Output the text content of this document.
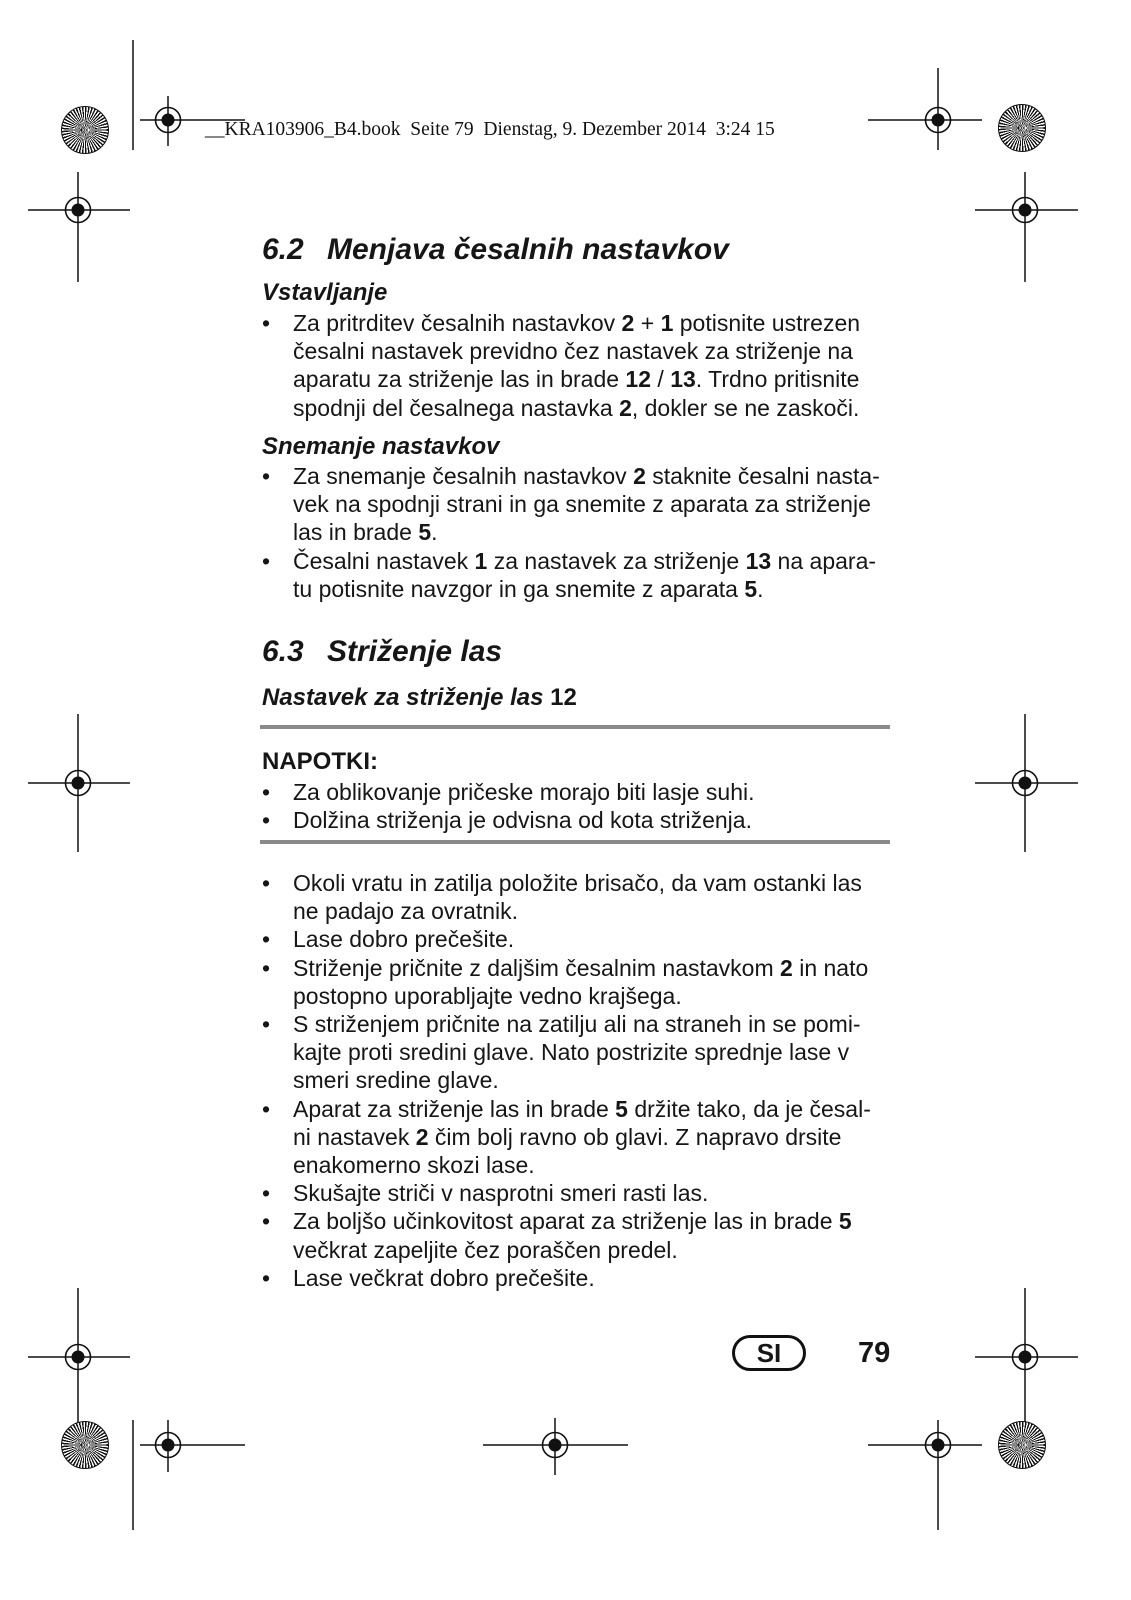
__KRA103906_B4.book  Seite 79  Dienstag, 9. Dezember 2014  3:24 15
6.2 Menjava česalnih nastavkov
Vstavljanje
• Za pritrditev česalnih nastavkov 2 + 1 potisnite ustrezen
česalni nastavek previdno čez nastavek za striženje na
aparatu za striženje las in brade 12 / 13. Trdno pritisnite
spodnji del česalnega nastavka 2, dokler se ne zaskoči.
Snemanje nastavkov
• Za snemanje česalnih nastavkov 2 staknite česalni nasta-
vek na spodnji strani in ga snemite z aparata za striženje
las in brade 5.
• Česalni nastavek 1 za nastavek za striženje 13 na apara-
tu potisnite navzgor in ga snemite z aparata 5.
6.3 Striženje las
Nastavek za striženje las 12
NAPOTKI:
• Za oblikovanje pričeske morajo biti lasje suhi.
• Dolžina striženja je odvisna od kota striženja.
• Okoli vratu in zatilja položite brisačo, da vam ostanki las
ne padajo za ovratnik.
• Lase dobro prečešite.
• Striženje pričnite z daljšim česalnim nastavkom 2 in nato
postopno uporabljajte vedno krajšega.
• S striženjem pričnite na zatilju ali na straneh in se pomi-
kajte proti sredini glave. Nato postrizite sprednje lase v
smeri sredine glave.
• Aparat za striženje las in brade 5 držite tako, da je česal-
ni nastavek 2 čim bolj ravno ob glavi. Z napravo drsite
enakomerno skozi lase.
• Skušajte striči v nasprotni smeri rasti las.
• Za boljšo učinkovitost aparat za striženje las in brade 5
večkrat zapeljite čez poraščen predel.
• Lase večkrat dobro prečešite.
SI	79
